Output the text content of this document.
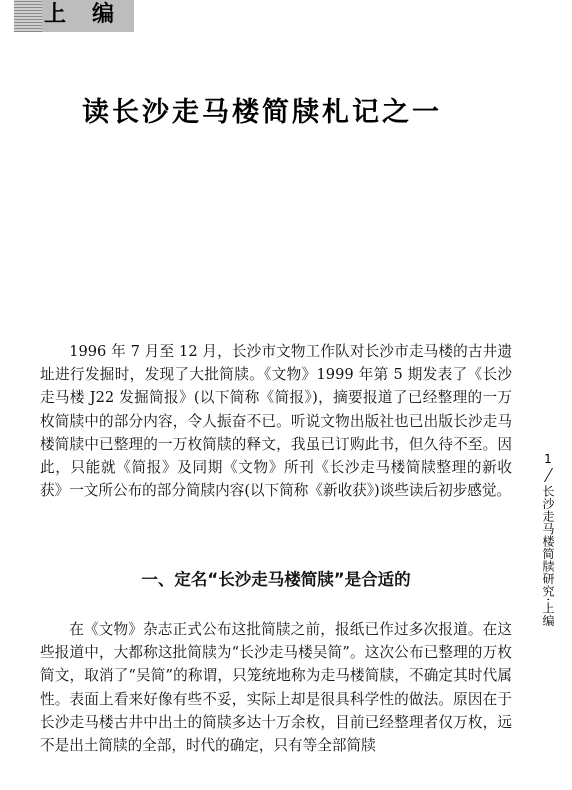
上编
读长沙走马楼简牍札记之一

1996 年 7 月至 12 月，长沙市文物工作队对长沙市走马楼的古井遗址进行发掘时，发现了大批简牍。《文物》1999 年第 5 期发表了《长沙走马楼 J22 发掘简报》(以下简称《简报》)，摘要报道了已经整理的一万枚简牍中的部分内容，令人振奋不已。听说文物出版社也已出版长沙走马楼简牍中已整理的一万枚简牍的释文，我虽已订购此书，但久待不至。因此，只能就《简报》及同期《文物》所刊《长沙走马楼简牍整理的新收获》一文所公布的部分简牍内容(以下简称《新收获》)谈些读后初步感觉。

一、定名“长沙走马楼简牍”是合适的

在《文物》杂志正式公布这批简牍之前，报纸已作过多次报道。在这些报道中，大都称这批简牍为“长沙走马楼吴简”。这次公布已整理的万枚简文，取消了“吴简”的称谓，只笼统地称为走马楼简牍，不确定其时代属性。表面上看来好像有些不妥，实际上却是很具科学性的做法。原因在于长沙走马楼古井中出土的简牍多达十万余枚，目前已经整理者仅万枚，远不是出土简牍的全部，时代的确定，只有等全部简牍

1
长沙走马楼简牍研究·上编
